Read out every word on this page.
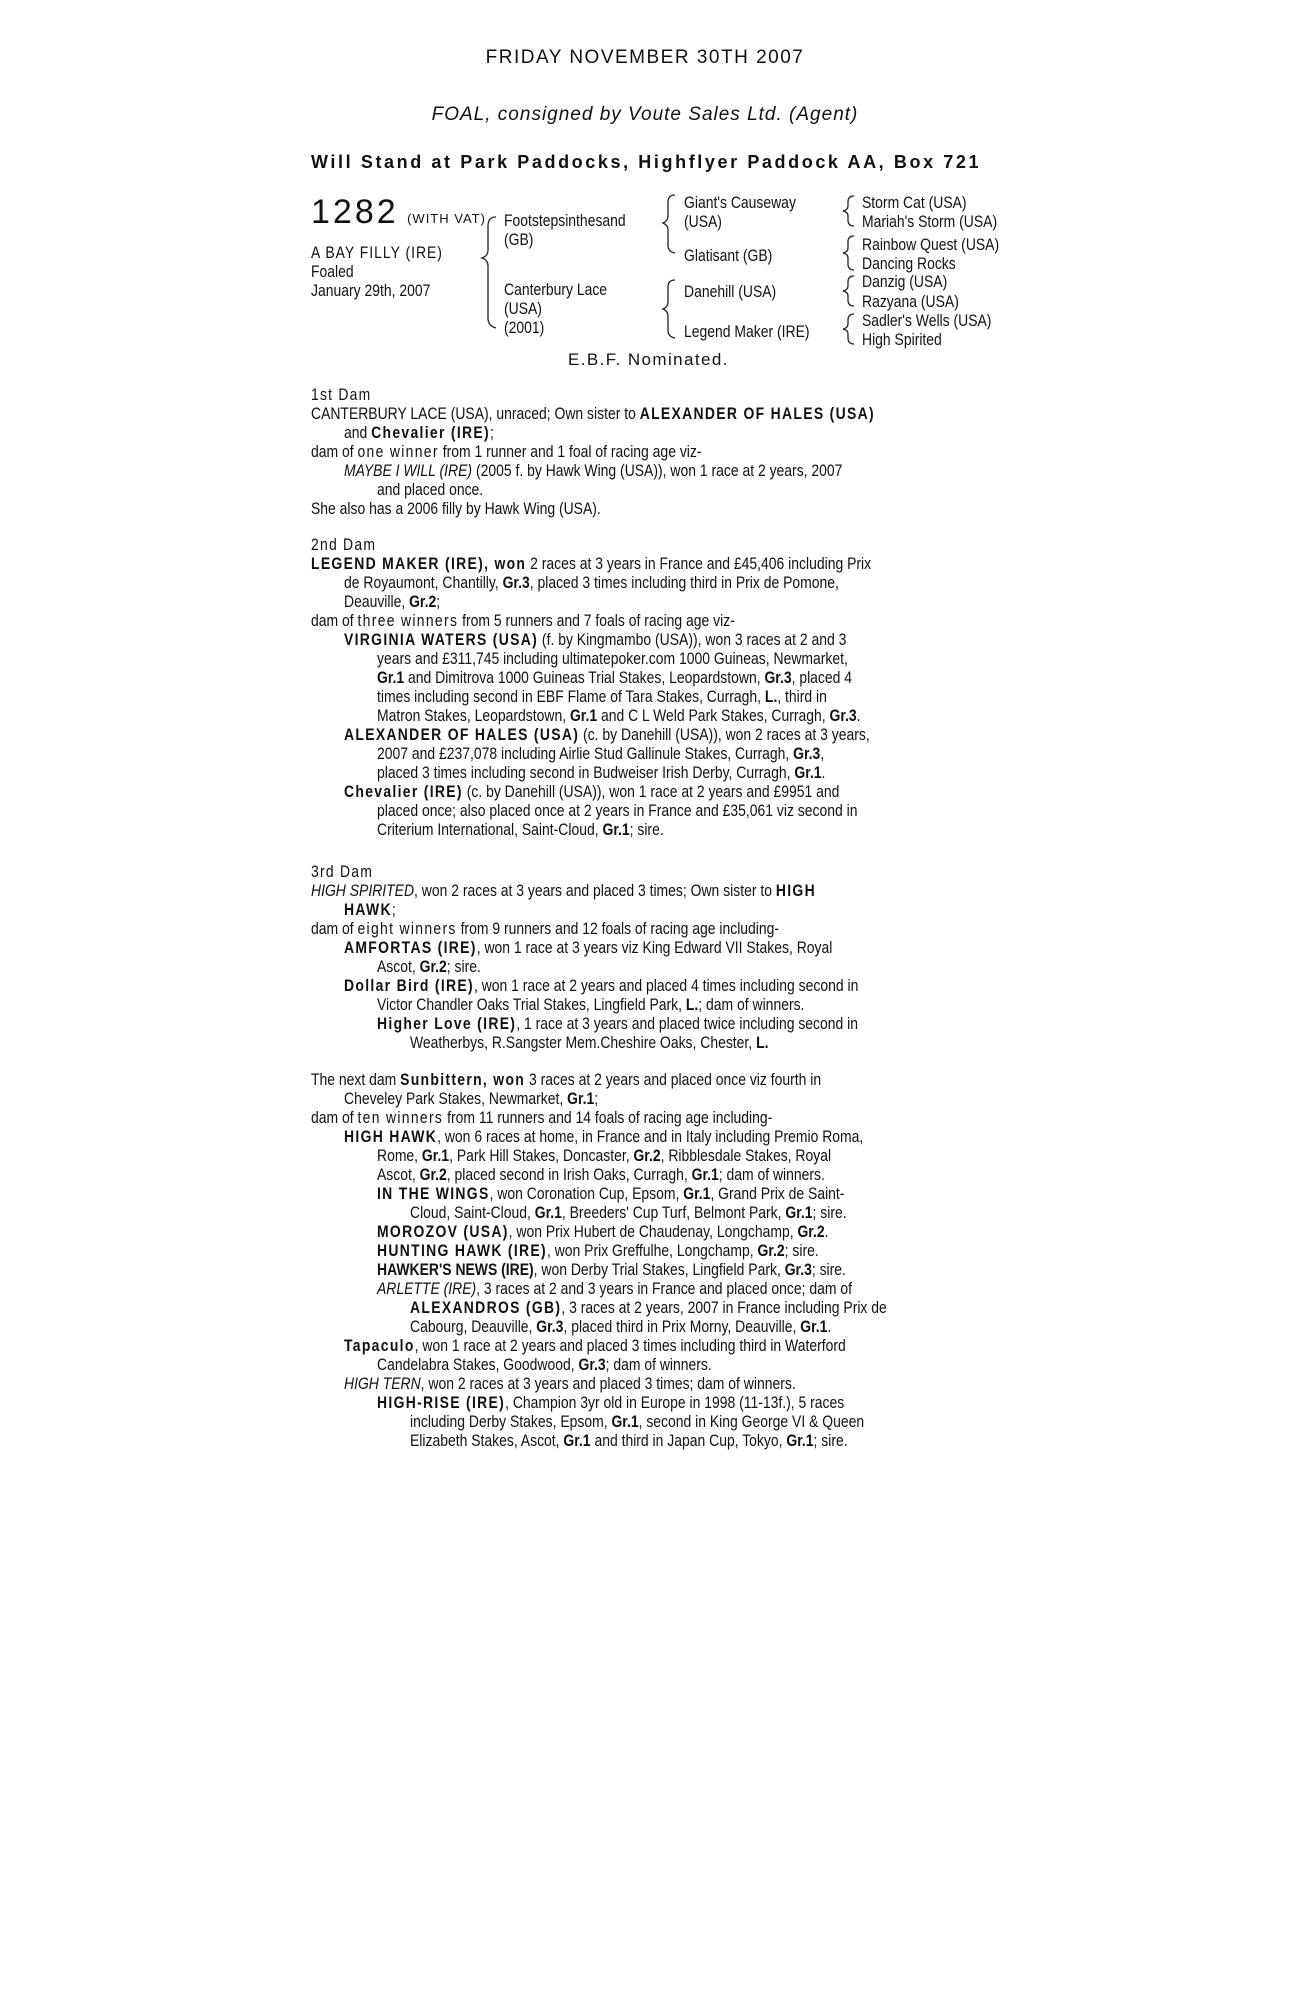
FRIDAY NOVEMBER 30TH 2007
FOAL, consigned by Voute Sales Ltd. (Agent)
Will Stand at Park Paddocks, Highflyer Paddock AA, Box 721
1282 (WITH VAT)
A BAY FILLY (IRE)
Foaled
January 29th, 2007
Footstepsinthesand
(GB)
Canterbury Lace
(USA)
(2001)
Giant's Causeway
(USA)
Glatisant (GB)
Danehill (USA)
Legend Maker (IRE)
Storm Cat (USA)
Mariah's Storm (USA)
Rainbow Quest (USA)
Dancing Rocks
Danzig (USA)
Razyana (USA)
Sadler's Wells (USA)
High Spirited
E.B.F. Nominated.
1st Dam
CANTERBURY LACE (USA), unraced; Own sister to ALEXANDER OF HALES (USA)
and Chevalier (IRE);
dam of one winner from 1 runner and 1 foal of racing age viz-
MAYBE I WILL (IRE) (2005 f. by Hawk Wing (USA)), won 1 race at 2 years, 2007
and placed once.
She also has a 2006 filly by Hawk Wing (USA).
2nd Dam
LEGEND MAKER (IRE), won 2 races at 3 years in France and £45,406 including Prix
de Royaumont, Chantilly, Gr.3, placed 3 times including third in Prix de Pomone,
Deauville, Gr.2;
dam of three winners from 5 runners and 7 foals of racing age viz-
VIRGINIA WATERS (USA) (f. by Kingmambo (USA)), won 3 races at 2 and 3
years and £311,745 including ultimatepoker.com 1000 Guineas, Newmarket,
Gr.1 and Dimitrova 1000 Guineas Trial Stakes, Leopardstown, Gr.3, placed 4
times including second in EBF Flame of Tara Stakes, Curragh, L., third in
Matron Stakes, Leopardstown, Gr.1 and C L Weld Park Stakes, Curragh, Gr.3.
ALEXANDER OF HALES (USA) (c. by Danehill (USA)), won 2 races at 3 years,
2007 and £237,078 including Airlie Stud Gallinule Stakes, Curragh, Gr.3,
placed 3 times including second in Budweiser Irish Derby, Curragh, Gr.1.
Chevalier (IRE) (c. by Danehill (USA)), won 1 race at 2 years and £9951 and
placed once; also placed once at 2 years in France and £35,061 viz second in
Criterium International, Saint-Cloud, Gr.1; sire.
3rd Dam
HIGH SPIRITED, won 2 races at 3 years and placed 3 times; Own sister to HIGH
HAWK;
dam of eight winners from 9 runners and 12 foals of racing age including-
AMFORTAS (IRE), won 1 race at 3 years viz King Edward VII Stakes, Royal
Ascot, Gr.2; sire.
Dollar Bird (IRE), won 1 race at 2 years and placed 4 times including second in
Victor Chandler Oaks Trial Stakes, Lingfield Park, L.; dam of winners.
Higher Love (IRE), 1 race at 3 years and placed twice including second in
Weatherbys, R.Sangster Mem.Cheshire Oaks, Chester, L.
The next dam Sunbittern, won 3 races at 2 years and placed once viz fourth in
Cheveley Park Stakes, Newmarket, Gr.1;
dam of ten winners from 11 runners and 14 foals of racing age including-
HIGH HAWK, won 6 races at home, in France and in Italy including Premio Roma,
Rome, Gr.1, Park Hill Stakes, Doncaster, Gr.2, Ribblesdale Stakes, Royal
Ascot, Gr.2, placed second in Irish Oaks, Curragh, Gr.1; dam of winners.
IN THE WINGS, won Coronation Cup, Epsom, Gr.1, Grand Prix de Saint-
Cloud, Saint-Cloud, Gr.1, Breeders' Cup Turf, Belmont Park, Gr.1; sire.
MOROZOV (USA), won Prix Hubert de Chaudenay, Longchamp, Gr.2.
HUNTING HAWK (IRE), won Prix Greffulhe, Longchamp, Gr.2; sire.
HAWKER'S NEWS (IRE), won Derby Trial Stakes, Lingfield Park, Gr.3; sire.
ARLETTE (IRE), 3 races at 2 and 3 years in France and placed once; dam of
ALEXANDROS (GB), 3 races at 2 years, 2007 in France including Prix de
Cabourg, Deauville, Gr.3, placed third in Prix Morny, Deauville, Gr.1.
Tapaculo, won 1 race at 2 years and placed 3 times including third in Waterford
Candelabra Stakes, Goodwood, Gr.3; dam of winners.
HIGH TERN, won 2 races at 3 years and placed 3 times; dam of winners.
HIGH-RISE (IRE), Champion 3yr old in Europe in 1998 (11-13f.), 5 races
including Derby Stakes, Epsom, Gr.1, second in King George VI & Queen
Elizabeth Stakes, Ascot, Gr.1 and third in Japan Cup, Tokyo, Gr.1; sire.
